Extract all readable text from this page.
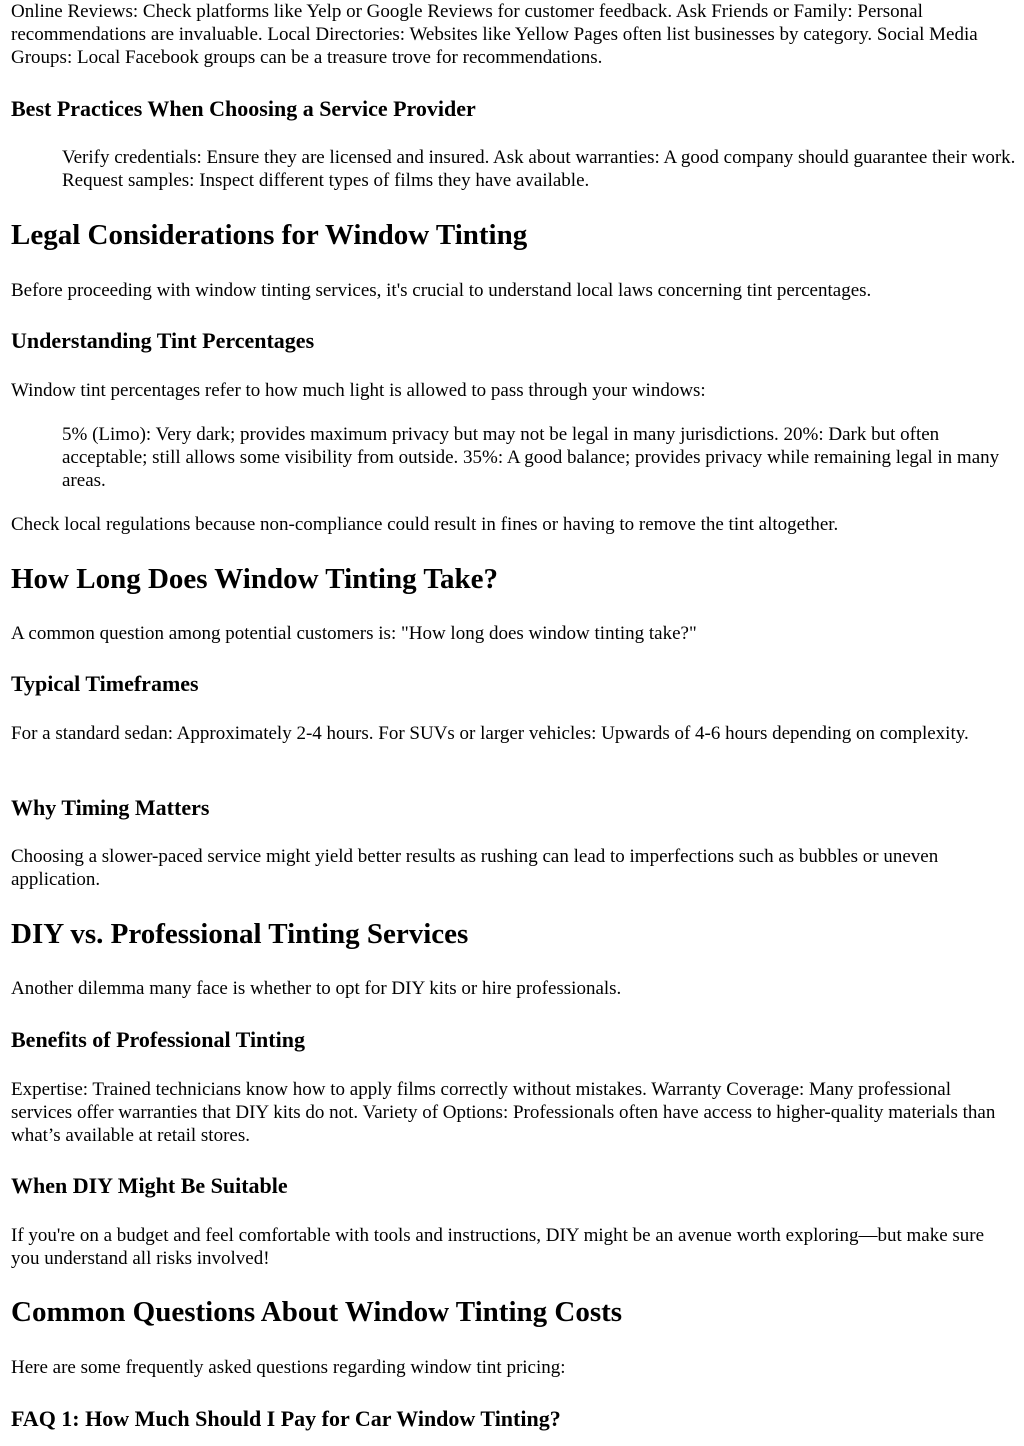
Online Reviews: Check platforms like Yelp or Google Reviews for customer feedback. Ask Friends or Family: Personal recommendations are invaluable. Local Directories: Websites like Yellow Pages often list businesses by category. Social Media Groups: Local Facebook groups can be a treasure trove for recommendations.

Best Practices When Choosing a Service Provider

Verify credentials: Ensure they are licensed and insured. Ask about warranties: A good company should guarantee their work. Request samples: Inspect different types of films they have available.

Legal Considerations for Window Tinting

Before proceeding with window tinting services, it's crucial to understand local laws concerning tint percentages.

Understanding Tint Percentages

Window tint percentages refer to how much light is allowed to pass through your windows:

5% (Limo): Very dark; provides maximum privacy but may not be legal in many jurisdictions. 20%: Dark but often acceptable; still allows some visibility from outside. 35%: A good balance; provides privacy while remaining legal in many areas.

Check local regulations because non-compliance could result in fines or having to remove the tint altogether.

How Long Does Window Tinting Take?

A common question among potential customers is: "How long does window tinting take?"

Typical Timeframes

For a standard sedan: Approximately 2-4 hours. For SUVs or larger vehicles: Upwards of 4-6 hours depending on complexity.

Why Timing Matters

Choosing a slower-paced service might yield better results as rushing can lead to imperfections such as bubbles or uneven application.

DIY vs. Professional Tinting Services

Another dilemma many face is whether to opt for DIY kits or hire professionals.

Benefits of Professional Tinting

Expertise: Trained technicians know how to apply films correctly without mistakes. Warranty Coverage: Many professional services offer warranties that DIY kits do not. Variety of Options: Professionals often have access to higher-quality materials than what’s available at retail stores.

When DIY Might Be Suitable

If you're on a budget and feel comfortable with tools and instructions, DIY might be an avenue worth exploring—but make sure you understand all risks involved!

Common Questions About Window Tinting Costs

Here are some frequently asked questions regarding window tint pricing:

FAQ 1: How Much Should I Pay for Car Window Tinting?
